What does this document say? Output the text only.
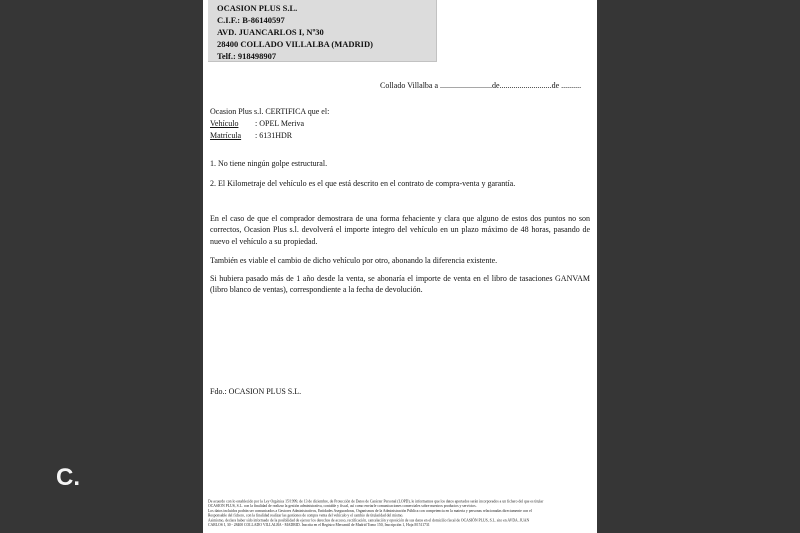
C.
OCASION PLUS S.L.
C.I.F.: B-86140597
AVD. JUANCARLOS I, Nº30
28400 COLLADO VILLALBA (MADRID)
Telf.: 918498907
Collado Villalba a ..........................de..........................de ..........
Ocasion Plus s.l. CERTIFICA que el:
Vehículo : OPEL Meriva
Matrícula : 6131HDR
1. No tiene ningún golpe estructural.
2. El Kilometraje del vehículo es el que está descrito en el contrato de compra-venta y garantía.
En el caso de que el comprador demostrara de una forma fehaciente y clara que alguno de estos dos puntos no son correctos, Ocasion Plus s.l. devolverá el importe íntegro del vehículo en un plazo máximo de 48 horas, pasando de nuevo el vehículo a su propiedad.
También es viable el cambio de dicho vehículo por otro, abonando la diferencia existente.
Si hubiera pasado más de 1 año desde la venta, se abonaría el importe de venta en el libro de tasaciones GANVAM (libro blanco de ventas), correspondiente a la fecha de devolución.
Fdo.: OCASION PLUS S.L.
De acuerdo con lo establecido por la Ley Orgánica 15/1999, de 13 de diciembre, de Protección de Datos de Carácter Personal (LOPD), le informamos que los datos aportados serán incorporados a un fichero del que es titular
OCASION PLUS, S.L. con la finalidad de realizar la gestión administrativa, contable y fiscal, así como enviarle comunicaciones comerciales sobre nuestros productos y servicios.
Los datos incluidos podrán ser comunicados a Gestores Administrativos, Entidades Aseguradoras, Organismos de la Administración Pública con competencia en la materia y personas relacionadas directamente con el
Responsable del fichero, con la finalidad realizar las gestiones de compra venta del vehículo y el cambio de titularidad del mismo.
Asimismo, declara haber sido informado de la posibilidad de ejercer los derechos de acceso, rectificación, cancelación y oposición de sus datos en el domicilio fiscal de OCASIÓN PLUS, S.L. sito en AVDA. JUAN
CARLOS I, 30 - 28400 COLLADO VILLALBA - MADRID. Inscrita en el Registro Mercantil de Madrid Tomo 150, Inscripción 1, Hoja M 511731
